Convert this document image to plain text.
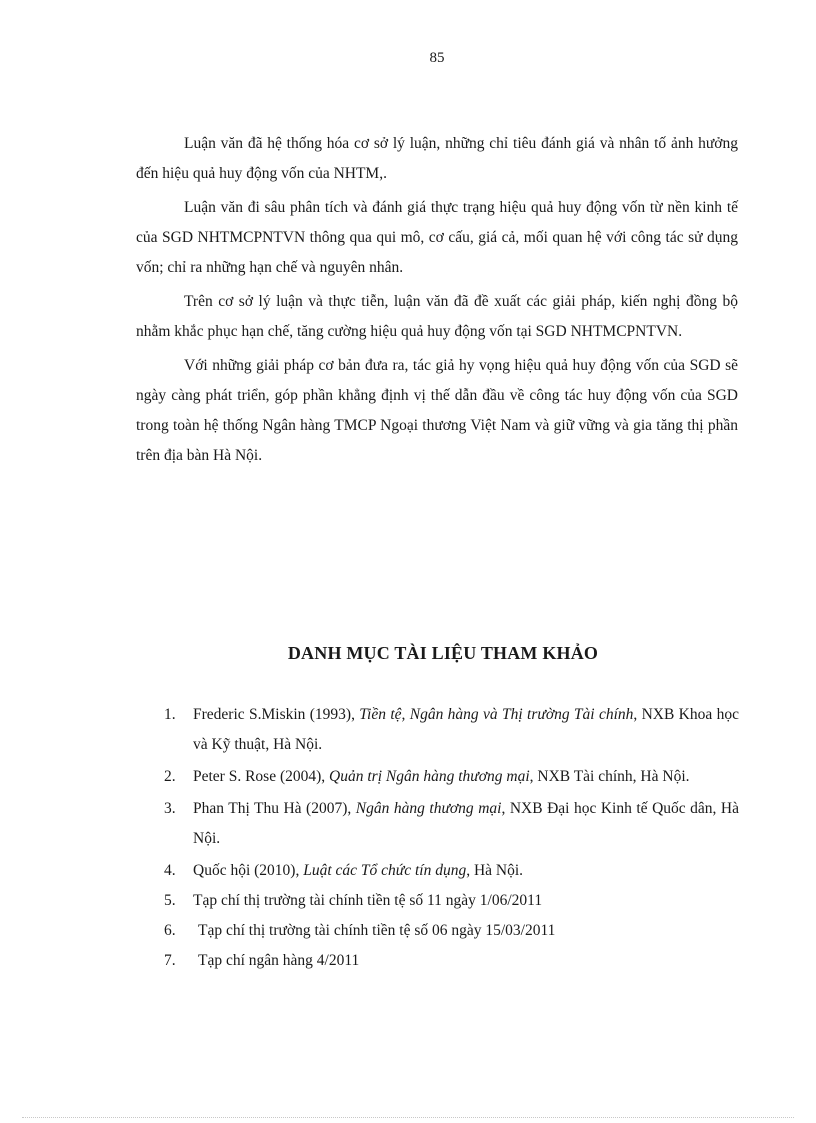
85

Luận văn đã hệ thống hóa cơ sở lý luận, những chỉ tiêu đánh giá và nhân tố ảnh hưởng đến hiệu quả huy động vốn của NHTM,.

Luận văn đi sâu phân tích và đánh giá thực trạng hiệu quả huy động vốn từ nền kinh tế của SGD NHTMCPNTVN thông qua qui mô, cơ cấu, giá cả, mối quan hệ với công tác sử dụng vốn; chỉ ra những hạn chế và nguyên nhân.

Trên cơ sở lý luận và thực tiễn, luận văn đã đề xuất các giải pháp, kiến nghị đồng bộ nhằm khắc phục hạn chế, tăng cường hiệu quả huy động vốn tại SGD NHTMCPNTVN.

Với những giải pháp cơ bản đưa ra, tác giả hy vọng hiệu quả huy động vốn của SGD sẽ ngày càng phát triển, góp phần khẳng định vị thế dẫn đầu về công tác huy động vốn của SGD trong toàn hệ thống Ngân hàng TMCP Ngoại thương Việt Nam và giữ vững và gia tăng thị phần trên địa bàn Hà Nội.

DANH MỤC TÀI LIỆU THAM KHẢO
1. Frederic S.Miskin (1993), Tiền tệ, Ngân hàng và Thị trường Tài chính, NXB Khoa học và Kỹ thuật, Hà Nội.
2. Peter S. Rose (2004), Quản trị Ngân hàng thương mại, NXB Tài chính, Hà Nội.
3. Phan Thị Thu Hà (2007), Ngân hàng thương mại, NXB Đại học Kinh tế Quốc dân, Hà Nội.
4. Quốc hội (2010), Luật các Tổ chức tín dụng, Hà Nội.
5. Tạp chí thị trường tài chính tiền tệ số 11 ngày 1/06/2011
6. Tạp chí thị trường tài chính tiền tệ số 06 ngày 15/03/2011
7. Tạp chí ngân hàng 4/2011
